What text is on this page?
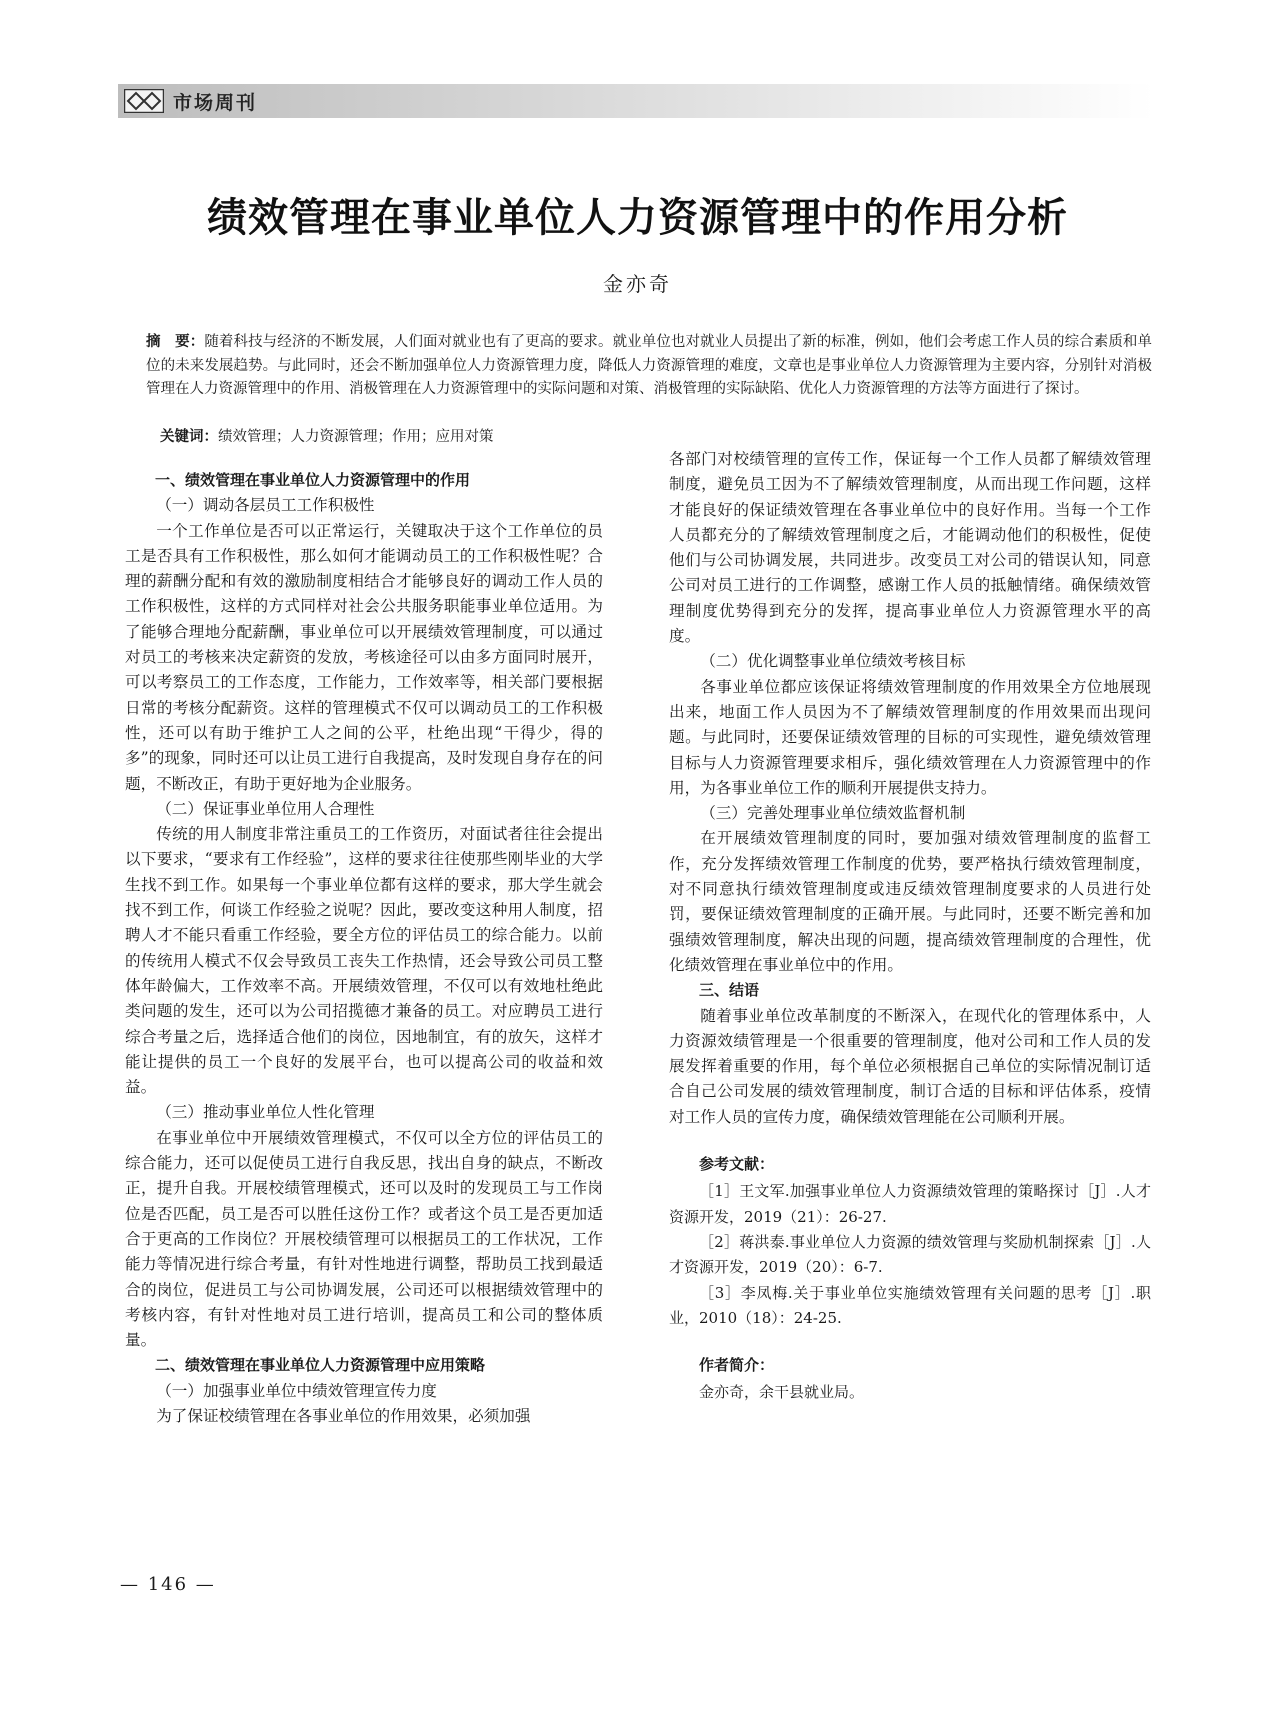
市场周刊
绩效管理在事业单位人力资源管理中的作用分析
金亦奇
摘　要：随着科技与经济的不断发展，人们面对就业也有了更高的要求。就业单位也对就业人员提出了新的标准，例如，他们会考虑工作人员的综合素质和单位的未来发展趋势。与此同时，还会不断加强单位人力资源管理力度，降低人力资源管理的难度，文章也是事业单位人力资源管理为主要内容，分别针对消极管理在人力资源管理中的作用、消极管理在人力资源管理中的实际问题和对策、消极管理的实际缺陷、优化人力资源管理的方法等方面进行了探讨。
关键词：绩效管理；人力资源管理；作用；应用对策

一、绩效管理在事业单位人力资源管理中的作用

（一）调动各层员工工作积极性

一个工作单位是否可以正常运行，关键取决于这个工作单位的员工是否具有工作积极性，那么如何才能调动员工的工作积极性呢？合理的薪酬分配和有效的激励制度相结合才能够良好的调动工作人员的工作积极性，这样的方式同样对社会公共服务职能事业单位适用。为了能够合理地分配薪酬，事业单位可以开展绩效管理制度，可以通过对员工的考核来决定薪资的发放，考核途径可以由多方面同时展开，可以考察员工的工作态度，工作能力，工作效率等，相关部门要根据日常的考核分配薪资。这样的管理模式不仅可以调动员工的工作积极性，还可以有助于维护工人之间的公平，杜绝出现“干得少，得的多”的现象，同时还可以让员工进行自我提高，及时发现自身存在的问题，不断改正，有助于更好地为企业服务。

（二）保证事业单位用人合理性

传统的用人制度非常注重员工的工作资历，对面试者往往会提出以下要求，“要求有工作经验”，这样的要求往往使那些刚毕业的大学生找不到工作。如果每一个事业单位都有这样的要求，那大学生就会找不到工作，何谈工作经验之说呢？因此，要改变这种用人制度，招聘人才不能只看重工作经验，要全方位的评估员工的综合能力。以前的传统用人模式不仅会导致员工丧失工作热情，还会导致公司员工整体年龄偏大，工作效率不高。开展绩效管理，不仅可以有效地杜绝此类问题的发生，还可以为公司招揽德才兼备的员工。对应聘员工进行综合考量之后，选择适合他们的岗位，因地制宜，有的放矢，这样才能让提供的员工一个良好的发展平台，也可以提高公司的收益和效益。

（三）推动事业单位人性化管理

在事业单位中开展绩效管理模式，不仅可以全方位的评估员工的综合能力，还可以促使员工进行自我反思，找出自身的缺点，不断改正，提升自我。开展校绩管理模式，还可以及时的发现员工与工作岗位是否匹配，员工是否可以胜任这份工作？或者这个员工是否更加适合于更高的工作岗位？开展校绩管理可以根据员工的工作状况，工作能力等情况进行综合考量，有针对性地进行调整，帮助员工找到最适合的岗位，促进员工与公司协调发展，公司还可以根据绩效管理中的考核内容，有针对性地对员工进行培训，提高员工和公司的整体质量。

二、绩效管理在事业单位人力资源管理中应用策略

（一）加强事业单位中绩效管理宣传力度

为了保证校绩管理在各事业单位的作用效果，必须加强

各部门对校绩管理的宣传工作，保证每一个工作人员都了解绩效管理制度，避免员工因为不了解绩效管理制度，从而出现工作问题，这样才能良好的保证绩效管理在各事业单位中的良好作用。当每一个工作人员都充分的了解绩效管理制度之后，才能调动他们的积极性，促使他们与公司协调发展，共同进步。改变员工对公司的错误认知，同意公司对员工进行的工作调整，感谢工作人员的抵触情绪。确保绩效管理制度优势得到充分的发挥，提高事业单位人力资源管理水平的高度。

（二）优化调整事业单位绩效考核目标

各事业单位都应该保证将绩效管理制度的作用效果全方位地展现出来，地面工作人员因为不了解绩效管理制度的作用效果而出现问题。与此同时，还要保证绩效管理的目标的可实现性，避免绩效管理目标与人力资源管理要求相斥，强化绩效管理在人力资源管理中的作用，为各事业单位工作的顺利开展提供支持力。

（三）完善处理事业单位绩效监督机制

在开展绩效管理制度的同时，要加强对绩效管理制度的监督工作，充分发挥绩效管理工作制度的优势，要严格执行绩效管理制度，对不同意执行绩效管理制度或违反绩效管理制度要求的人员进行处罚，要保证绩效管理制度的正确开展。与此同时，还要不断完善和加强绩效管理制度，解决出现的问题，提高绩效管理制度的合理性，优化绩效管理在事业单位中的作用。

三、结语

随着事业单位改革制度的不断深入，在现代化的管理体系中，人力资源效绩管理是一个很重要的管理制度，他对公司和工作人员的发展发挥着重要的作用，每个单位必须根据自己单位的实际情况制订适合自己公司发展的绩效管理制度，制订合适的目标和评估体系，疫情对工作人员的宣传力度，确保绩效管理能在公司顺利开展。

参考文献：

［1］王文军.加强事业单位人力资源绩效管理的策略探讨［J］.人才资源开发，2019（21）：26-27.

［2］蒋洪泰.事业单位人力资源的绩效管理与奖励机制探索［J］.人才资源开发，2019（20）：6-7.

［3］李凤梅.关于事业单位实施绩效管理有关问题的思考［J］.职业，2010（18）：24-25.

作者简介：

金亦奇，余干县就业局。

— 146 —
